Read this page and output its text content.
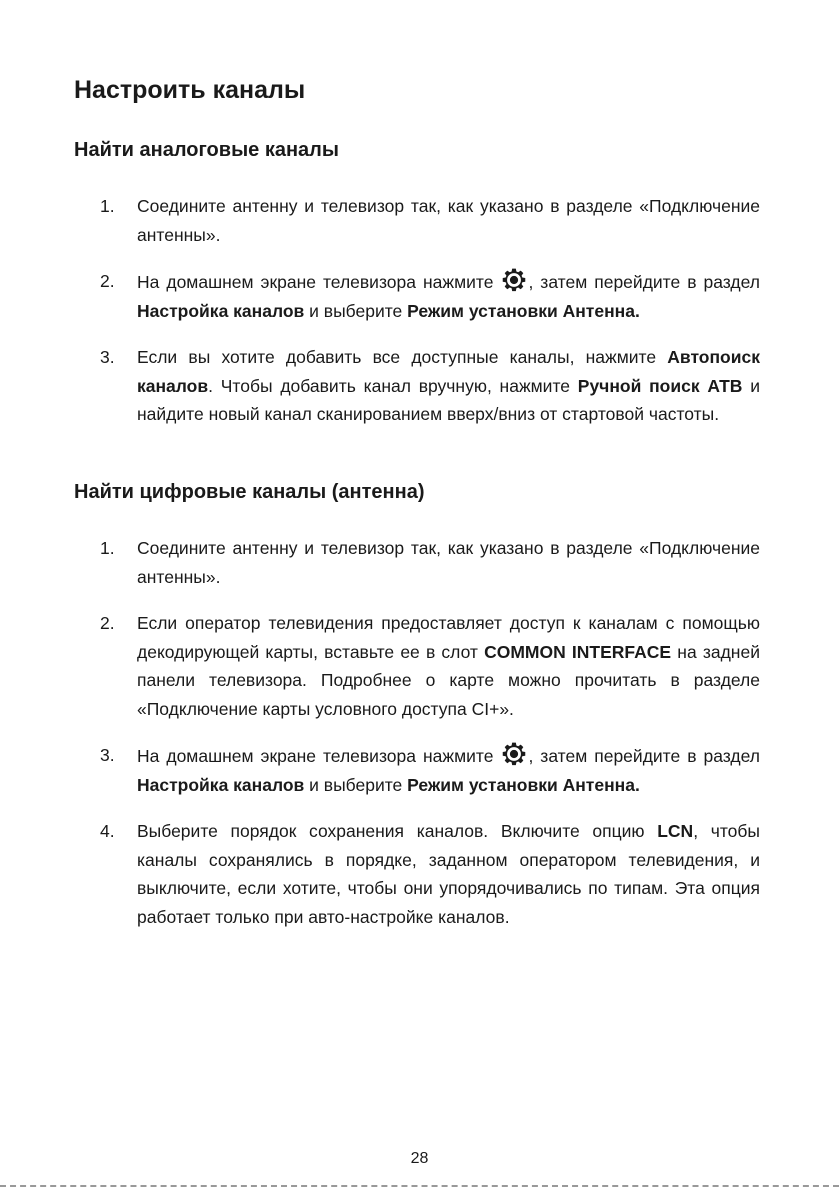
Настроить каналы
Найти аналоговые каналы
1. Соедините антенну и телевизор так, как указано в разделе «Подключение антенны».
2. На домашнем экране телевизора нажмите , затем перейдите в раздел Настройка каналов и выберите Режим установки Антенна.
3. Если вы хотите добавить все доступные каналы, нажмите Автопоиск каналов. Чтобы добавить канал вручную, нажмите Ручной поиск АТВ и найдите новый канал сканированием вверх/вниз от стартовой частоты.
Найти цифровые каналы (антенна)
1. Соедините антенну и телевизор так, как указано в разделе «Подключение антенны».
2. Если оператор телевидения предоставляет доступ к каналам с помощью декодирующей карты, вставьте ее в слот COMMON INTERFACE на задней панели телевизора. Подробнее о карте можно прочитать в разделе «Подключение карты условного доступа CI+».
3. На домашнем экране телевизора нажмите , затем перейдите в раздел Настройка каналов и выберите Режим установки Антенна.
4. Выберите порядок сохранения каналов. Включите опцию LCN, чтобы каналы сохранялись в порядке, заданном оператором телевидения, и выключите, если хотите, чтобы они упорядочивались по типам. Эта опция работает только при авто-настройке каналов.
28
